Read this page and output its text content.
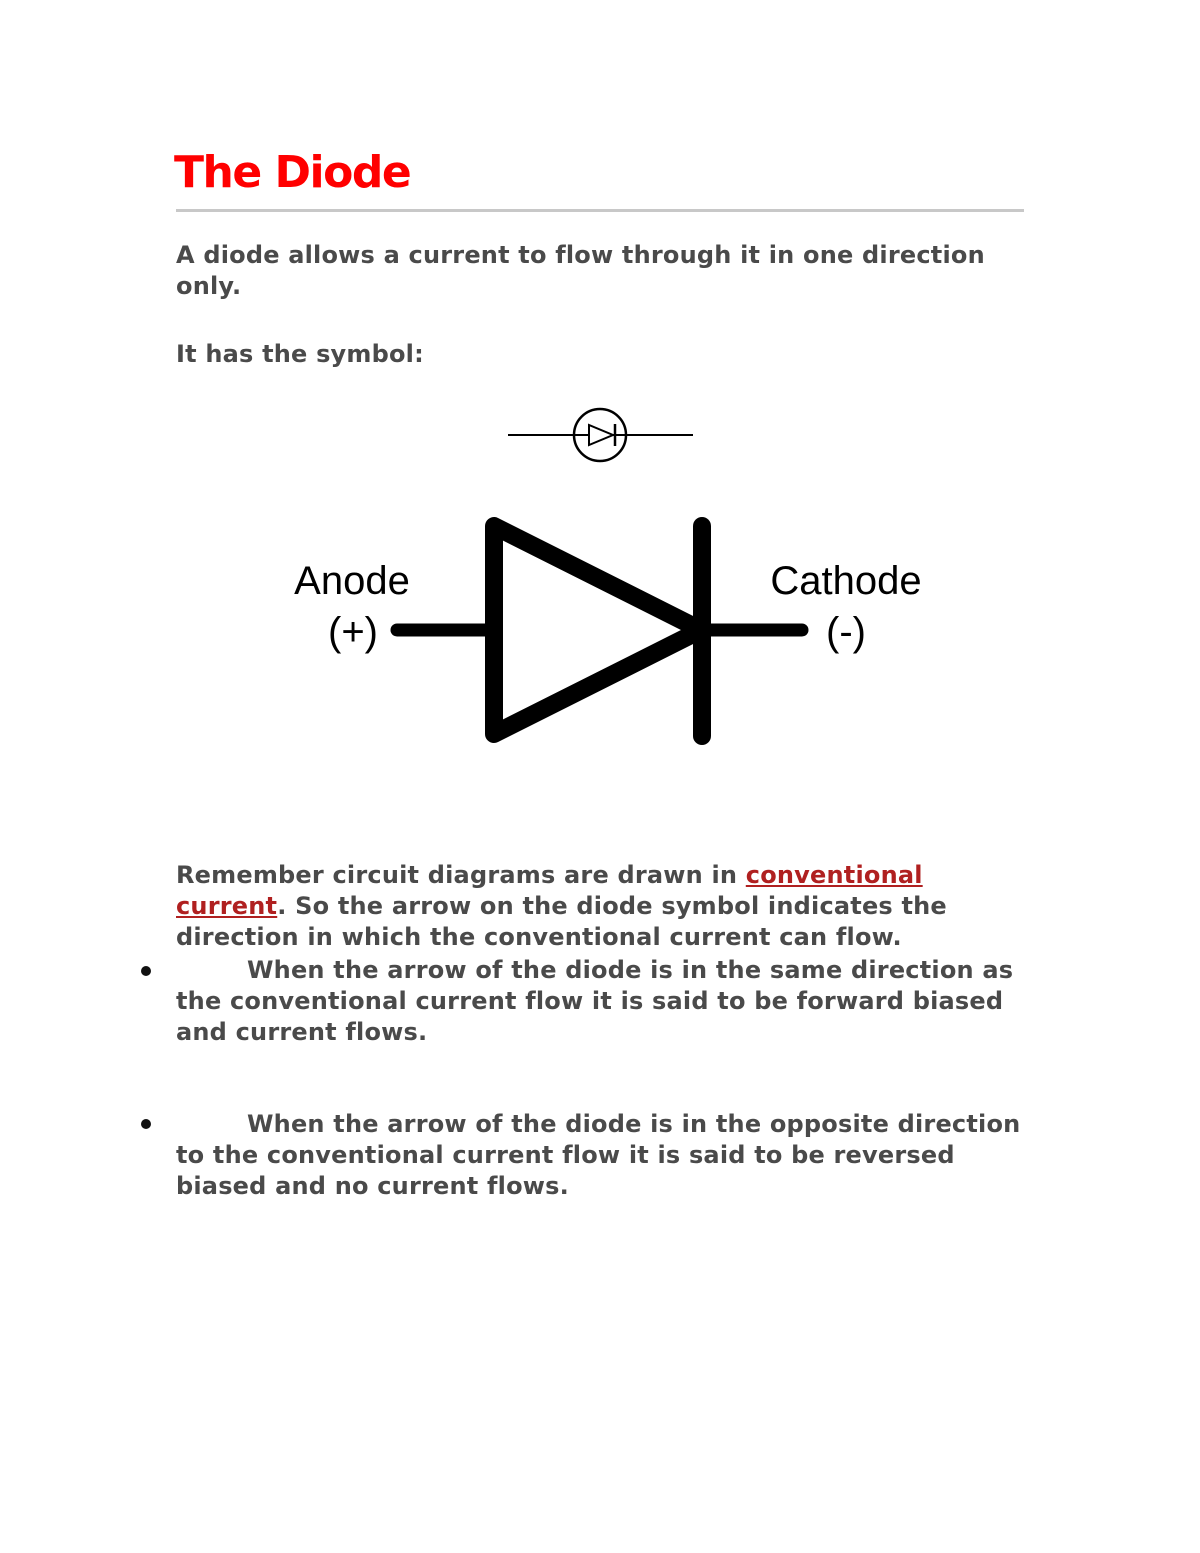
The Diode

A diode allows a current to flow through it in one direction only.

It has the symbol:

Anode
(+)
Cathode
(-)

Remember circuit diagrams are drawn in conventional current. So the arrow on the diode symbol indicates the direction in which the conventional current can flow.

When the arrow of the diode is in the same direction as the conventional current flow it is said to be forward biased and current flows.

When the arrow of the diode is in the opposite direction to the conventional current flow it is said to be reversed biased and no current flows.
